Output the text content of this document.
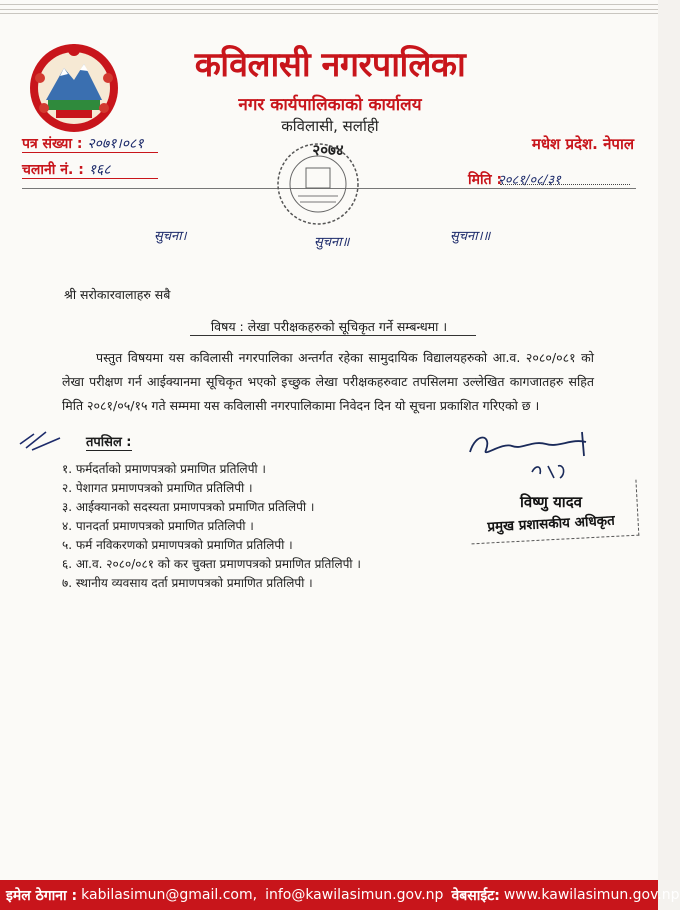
कविलासी नगरपालिका
नगर कार्यपालिकाको कार्यालय
कविलासी, सर्लाही
२०७४
पत्र संख्या : २०७१।०८१
चलानी नं. : १६८
मधेश प्रदेश. नेपाल
मिति :
२०८१/०८/३१
सुचना।	सुचना॥	सुचना।॥
श्री सरोकारवालाहरु सबै
विषय : लेखा परीक्षकहरुको सूचिकृत गर्ने सम्बन्धमा ।
पस्तुत विषयमा यस कविलासी नगरपालिका अन्तर्गत रहेका सामुदायिक विद्यालयहरुको आ.व. २०८०/०८१ को लेखा परीक्षण गर्न आईक्यानमा सूचिकृत भएको इच्छुक लेखा परीक्षकहरुवाट तपसिलमा उल्लेखित कागजातहरु सहित मिति २०८१/०५/१५ गते सम्ममा यस कविलासी नगरपालिकामा निवेदन दिन यो सूचना प्रकाशित गरिएको छ ।
तपसिल :
१. फर्मदर्ताको प्रमाणपत्रको प्रमाणित प्रतिलिपी ।
२. पेशागत प्रमाणपत्रको प्रमाणित प्रतिलिपी ।
३. आईक्यानको सदस्यता प्रमाणपत्रको प्रमाणित प्रतिलिपी ।
४. पानदर्ता प्रमाणपत्रको प्रमाणित प्रतिलिपी ।
५. फर्म नविकरणको प्रमाणपत्रको प्रमाणित प्रतिलिपी ।
६. आ.व. २०८०/०८१ को कर चुक्ता प्रमाणपत्रको प्रमाणित प्रतिलिपी ।
७. स्थानीय व्यवसाय दर्ता प्रमाणपत्रको प्रमाणित प्रतिलिपी ।
विष्णु यादव
प्रमुख प्रशासकीय अधिकृत
इमेल ठेगाना : kabilasimun@gmail.com, info@kawilasimun.gov.np वेबसाईट: www.kawilasimun.gov.np
